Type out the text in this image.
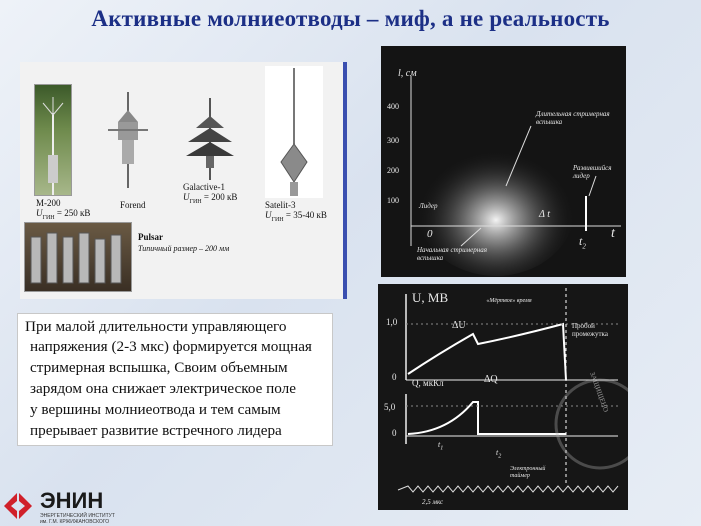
Активные молниеотводы – миф, а не реальность
M-200
$U_{ГИН} = 250$ кВ
Forend
Galactive-1
$U_{ГИН} = 200$ кВ
Satelit-3
$U_{ГИН} = 35-40$ кВ
Pulsar
Типичный размер – 200 мм

При малой длительности управляющего

напряжения (2-3 мкс) формируется мощная

стримерная вспышка, Своим объемным

зарядом она снижает электрическое поле

у вершины молниеотвода и тем самым

прерывает развитие встречного лидера

l, см
400
300
200
100
Длительная стримерная вспышка
Развившийся лидер
Лидер
Δ t
0	$t_2$
t
Начальная стримерная вспышка
U, МВ
1,0
0
ΔU
«Мёртвое» время
Пробой промежутка
ΔQ
Q, мкКл
5,0
0
$t_1$	$t_2$
Электронный таймер
2,5 мкс
ЗАЩИЩЕНО
ЭНИН
ЭНЕРГЕТИЧЕСКИЙ ИНСТИТУТ
им. Г.М. КРЖИЖАНОВСКОГО
